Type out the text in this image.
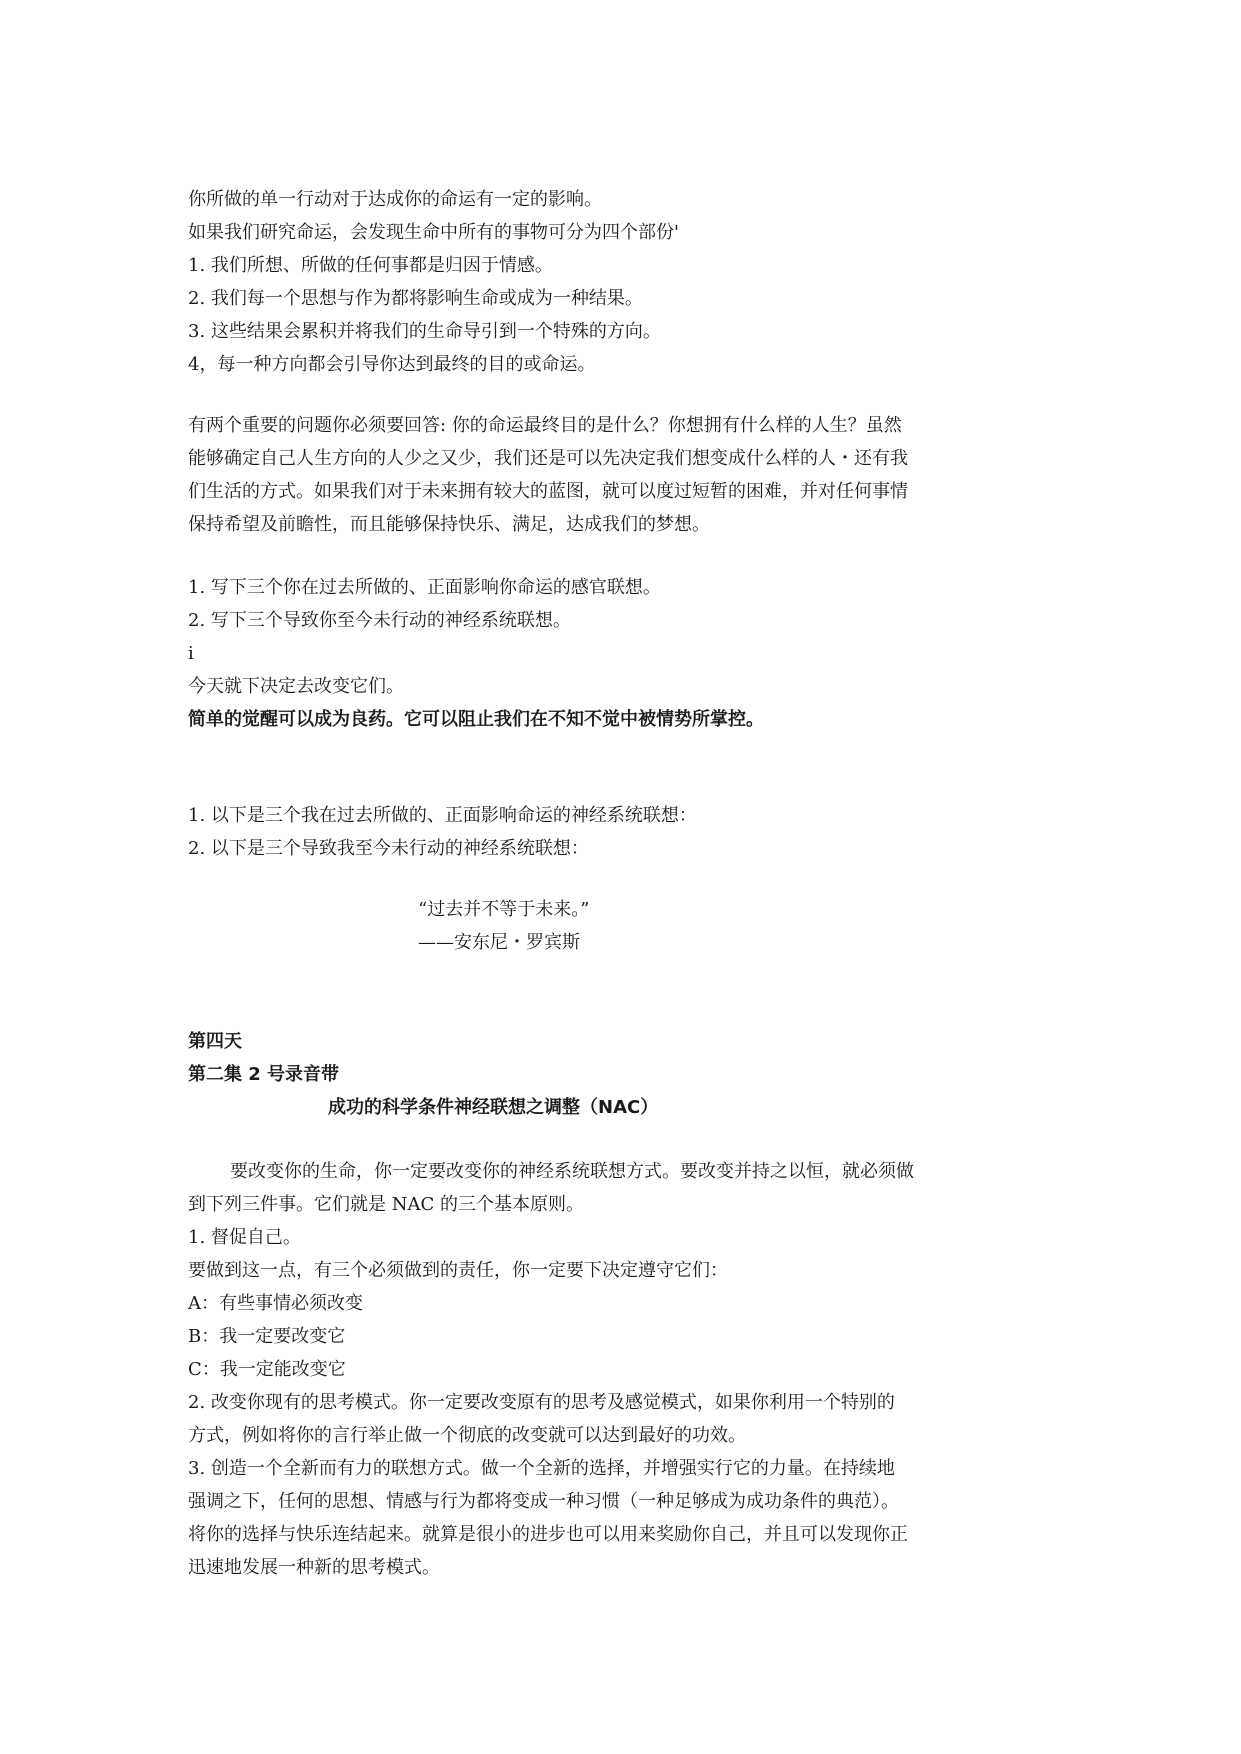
你所做的单一行动对于达成你的命运有一定的影响。
如果我们研究命运，会发现生命中所有的事物可分为四个部份'
1. 我们所想、所做的任何事都是归因于情感。
2. 我们每一个思想与作为都将影响生命或成为一种结果。
3. 这些结果会累积并将我们的生命导引到一个特殊的方向。
4，每一种方向都会引导你达到最终的目的或命运。
有两个重要的问题你必须要回答: 你的命运最终目的是什么？你想拥有什么样的人生？虽然
能够确定自己人生方向的人少之又少，我们还是可以先决定我们想变成什么样的人・还有我
们生活的方式。如果我们对于未来拥有较大的蓝图，就可以度过短暂的困难，并对任何事情
保持希望及前瞻性，而且能够保持快乐、满足，达成我们的梦想。
1. 写下三个你在过去所做的、正面影响你命运的感官联想。
2. 写下三个导致你至今未行动的神经系统联想。
i
今天就下决定去改变它们。
简单的觉醒可以成为良药。它可以阻止我们在不知不觉中被情势所掌控。
1. 以下是三个我在过去所做的、正面影响命运的神经系统联想：
2. 以下是三个导致我至今未行动的神经系统联想：
“过去并不等于未来。”
——安东尼・罗宾斯
第四天
第二集 2 号录音带
成功的科学条件神经联想之调整（NAC）
要改变你的生命，你一定要改变你的神经系统联想方式。要改变并持之以恒，就必须做
到下列三件事。它们就是 NAC 的三个基本原则。
1. 督促自己。
要做到这一点，有三个必须做到的责任，你一定要下决定遵守它们：
A：有些事情必须改变
B：我一定要改变它
C：我一定能改变它
2. 改变你现有的思考模式。你一定要改变原有的思考及感觉模式，如果你利用一个特别的
方式，例如将你的言行举止做一个彻底的改变就可以达到最好的功效。
3. 创造一个全新而有力的联想方式。做一个全新的选择，并增强实行它的力量。在持续地
强调之下，任何的思想、情感与行为都将变成一种习惯（一种足够成为成功条件的典范）。
将你的选择与快乐连结起来。就算是很小的进步也可以用来奖励你自己，并且可以发现你正
迅速地发展一种新的思考模式。
